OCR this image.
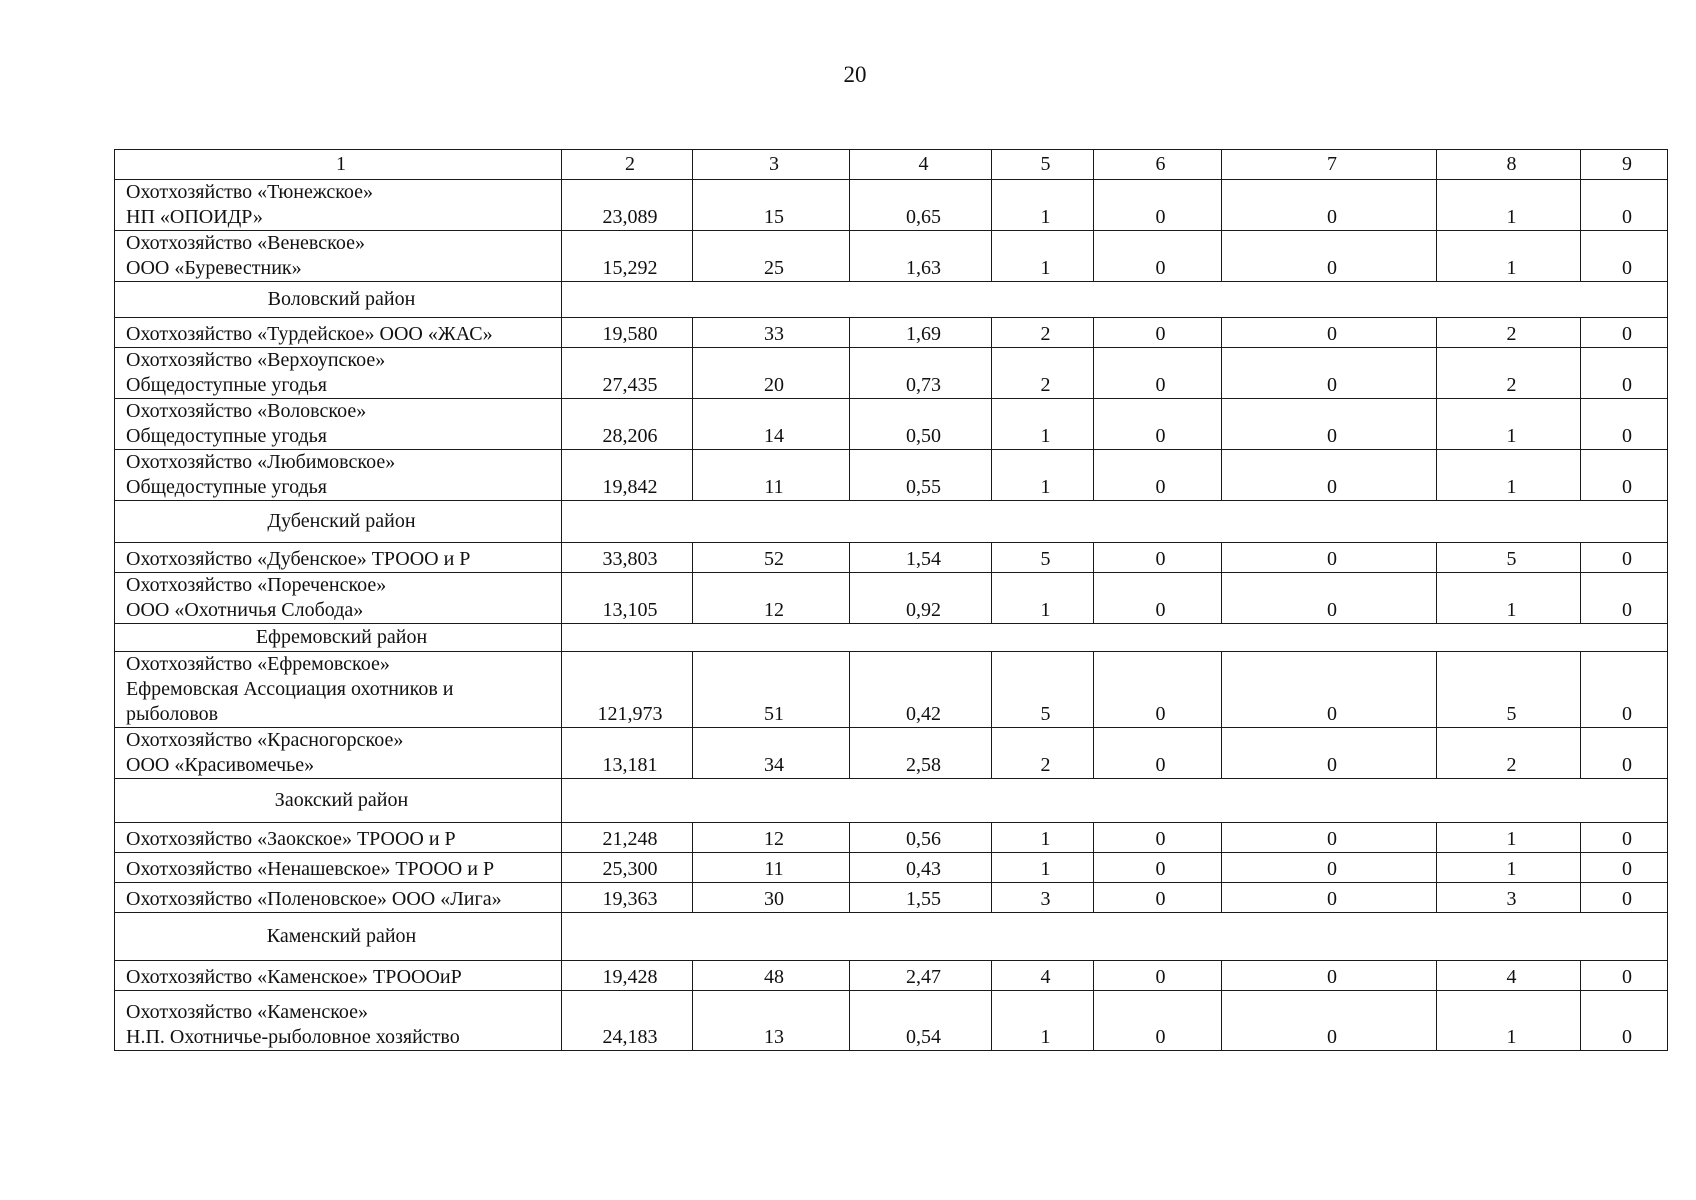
20
1	2	3	4	5	6	7	8	9
Охотхозяйство «Тюнежское»
НП «ОПОИДР»	23,089	15	0,65	1	0	0	1	0
Охотхозяйство «Веневское»
ООО «Буревестник»	15,292	25	1,63	1	0	0	1	0
Воловский район								
Охотхозяйство «Турдейское» ООО «ЖАС»	19,580	33	1,69	2	0	0	2	0
Охотхозяйство «Верхоупское»
Общедоступные угодья	27,435	20	0,73	2	0	0	2	0
Охотхозяйство «Воловское»
Общедоступные угодья	28,206	14	0,50	1	0	0	1	0
Охотхозяйство «Любимовское»
Общедоступные угодья	19,842	11	0,55	1	0	0	1	0
Дубенский район								
Охотхозяйство «Дубенское» ТРООО и Р	33,803	52	1,54	5	0	0	5	0
Охотхозяйство «Пореченское»
ООО «Охотничья Слобода»	13,105	12	0,92	1	0	0	1	0
Ефремовский район								
Охотхозяйство «Ефремовское»
Ефремовская Ассоциация охотников и
рыболовов	121,973	51	0,42	5	0	0	5	0
Охотхозяйство «Красногорское»
ООО «Красивомечье»	13,181	34	2,58	2	0	0	2	0
Заокский район								
Охотхозяйство «Заокское» ТРООО и Р	21,248	12	0,56	1	0	0	1	0
Охотхозяйство «Ненашевское» ТРООО и Р	25,300	11	0,43	1	0	0	1	0
Охотхозяйство «Поленовское» ООО «Лига»	19,363	30	1,55	3	0	0	3	0
Каменский район								
Охотхозяйство «Каменское» ТРОООиР	19,428	48	2,47	4	0	0	4	0
Охотхозяйство «Каменское»
Н.П. Охотничье-рыболовное хозяйство	24,183	13	0,54	1	0	0	1	0
